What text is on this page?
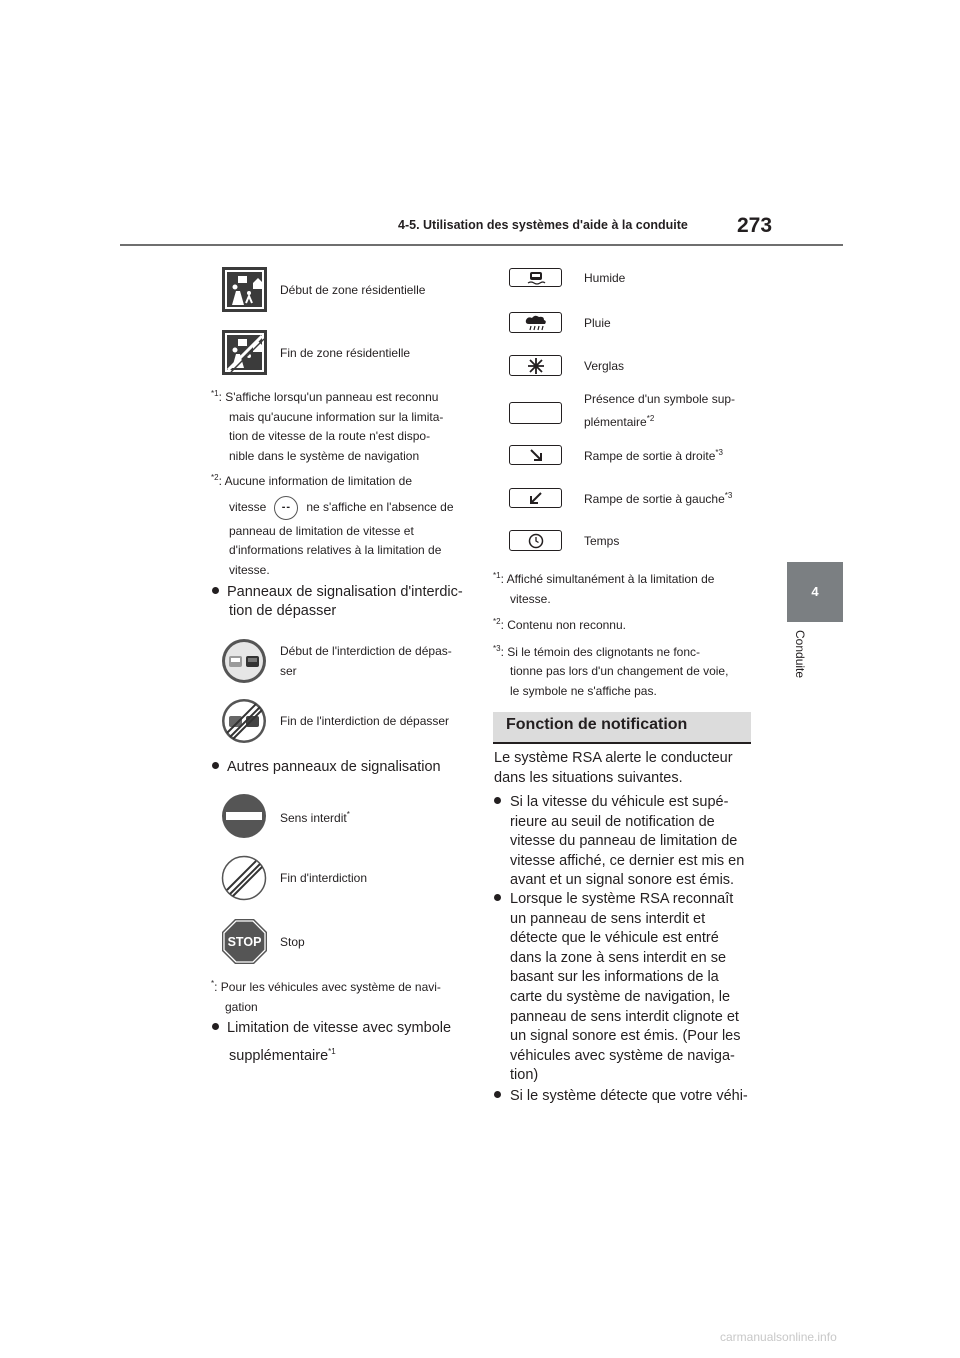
4-5. Utilisation des systèmes d'aide à la conduite 273
4
Conduite
Début de zone résidentielle
Fin de zone résidentielle
$^{*1}$: S'affiche lorsqu'un panneau est reconnu
mais qu'aucune information sur la limita-
tion de vitesse de la route n'est dispo-
nible dans le système de navigation
$^{*2}$: Aucune information de limitation de
vitesse	--	ne s'affiche en l'absence de
panneau de limitation de vitesse et
d'informations relatives à la limitation de
vitesse.
Panneaux de signalisation d'interdic-
tion de dépasser
Début de l'interdiction de dépas-
ser
Fin de l'interdiction de dépasser
Autres panneaux de signalisation
Sens interdit*
Fin d'interdiction
STOP Stop
*: Pour les véhicules avec système de navi-
gation
Limitation de vitesse avec symbole
supplémentaire$^{*1}$
Humide
Pluie
Verglas
Présence d'un symbole sup-
plémentaire$^{*2}$
Rampe de sortie à droite$^{*3}$
Rampe de sortie à gauche$^{*3}$
Temps
$^{*1}$: Affiché simultanément à la limitation de
vitesse.
$^{*2}$: Contenu non reconnu.
$^{*3}$: Si le témoin des clignotants ne fonc-
tionne pas lors d'un changement de voie,
le symbole ne s'affiche pas.
Fonction de notification
Le système RSA alerte le conducteur
dans les situations suivantes.
Si la vitesse du véhicule est supé-
rieure au seuil de notification de
vitesse du panneau de limitation de
vitesse affiché, ce dernier est mis en
avant et un signal sonore est émis.
Lorsque le système RSA reconnaît
un panneau de sens interdit et
détecte que le véhicule est entré
dans la zone à sens interdit en se
basant sur les informations de la
carte du système de navigation, le
panneau de sens interdit clignote et
un signal sonore est émis. (Pour les
véhicules avec système de naviga-
tion)
Si le système détecte que votre véhi-
carmanualsonline.info
